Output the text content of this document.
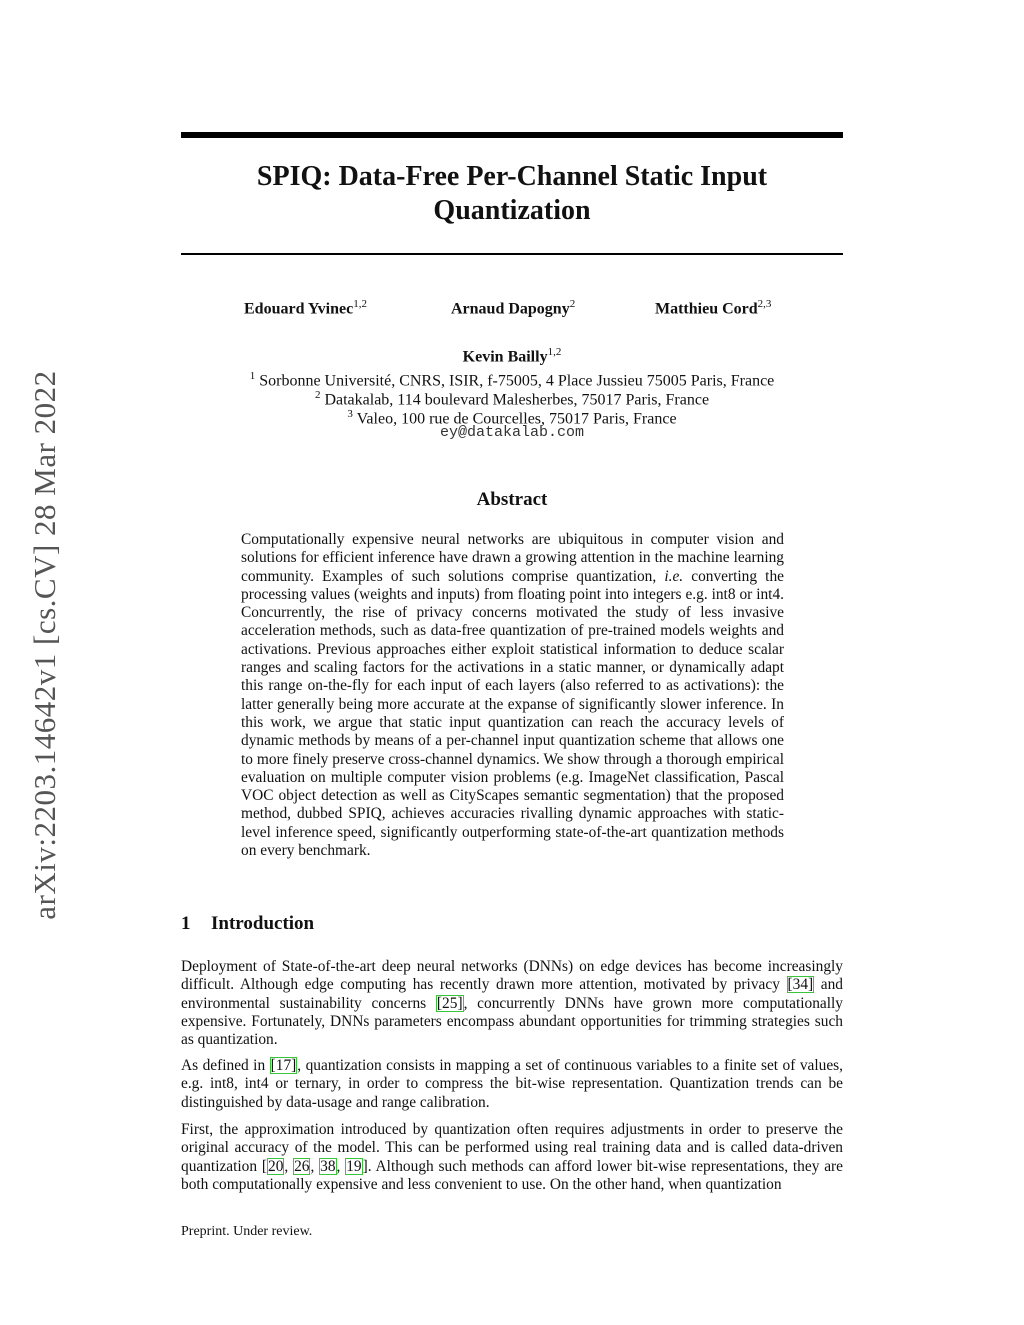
arXiv:2203.14642v1 [cs.CV] 28 Mar 2022
SPIQ: Data-Free Per-Channel Static Input Quantization
Edouard Yvinec$^{1,2}$	Arnaud Dapogny$^2$	Matthieu Cord$^{2,3}$
Kevin Bailly$^{1,2}$
$^1$ Sorbonne Université, CNRS, ISIR, f-75005, 4 Place Jussieu 75005 Paris, France
$^2$ Datakalab, 114 boulevard Malesherbes, 75017 Paris, France
$^3$ Valeo, 100 rue de Courcelles, 75017 Paris, France
ey@datakalab.com
Abstract
Computationally expensive neural networks are ubiquitous in computer vision and solutions for efficient inference have drawn a growing attention in the machine learning community. Examples of such solutions comprise quantization, i.e. converting the processing values (weights and inputs) from floating point into integers e.g. int8 or int4. Concurrently, the rise of privacy concerns motivated the study of less invasive acceleration methods, such as data-free quantization of pre-trained models weights and activations. Previous approaches either exploit statistical information to deduce scalar ranges and scaling factors for the activations in a static manner, or dynamically adapt this range on-the-fly for each input of each layers (also referred to as activations): the latter generally being more accurate at the expanse of significantly slower inference. In this work, we argue that static input quantization can reach the accuracy levels of dynamic methods by means of a per-channel input quantization scheme that allows one to more finely preserve cross-channel dynamics. We show through a thorough empirical evaluation on multiple computer vision problems (e.g. ImageNet classification, Pascal VOC object detection as well as CityScapes semantic segmentation) that the proposed method, dubbed SPIQ, achieves accuracies rivalling dynamic approaches with static-level inference speed, significantly outperforming state-of-the-art quantization methods on every benchmark.
1 Introduction
Deployment of State-of-the-art deep neural networks (DNNs) on edge devices has become increasingly difficult. Although edge computing has recently drawn more attention, motivated by privacy [34] and environmental sustainability concerns [25], concurrently DNNs have grown more computationally expensive. Fortunately, DNNs parameters encompass abundant opportunities for trimming strategies such as quantization.
As defined in [17], quantization consists in mapping a set of continuous variables to a finite set of values, e.g. int8, int4 or ternary, in order to compress the bit-wise representation. Quantization trends can be distinguished by data-usage and range calibration.
First, the approximation introduced by quantization often requires adjustments in order to preserve the original accuracy of the model. This can be performed using real training data and is called data-driven quantization [20, 26, 38, 19]. Although such methods can afford lower bit-wise representations, they are both computationally expensive and less convenient to use. On the other hand, when quantization
Preprint. Under review.
